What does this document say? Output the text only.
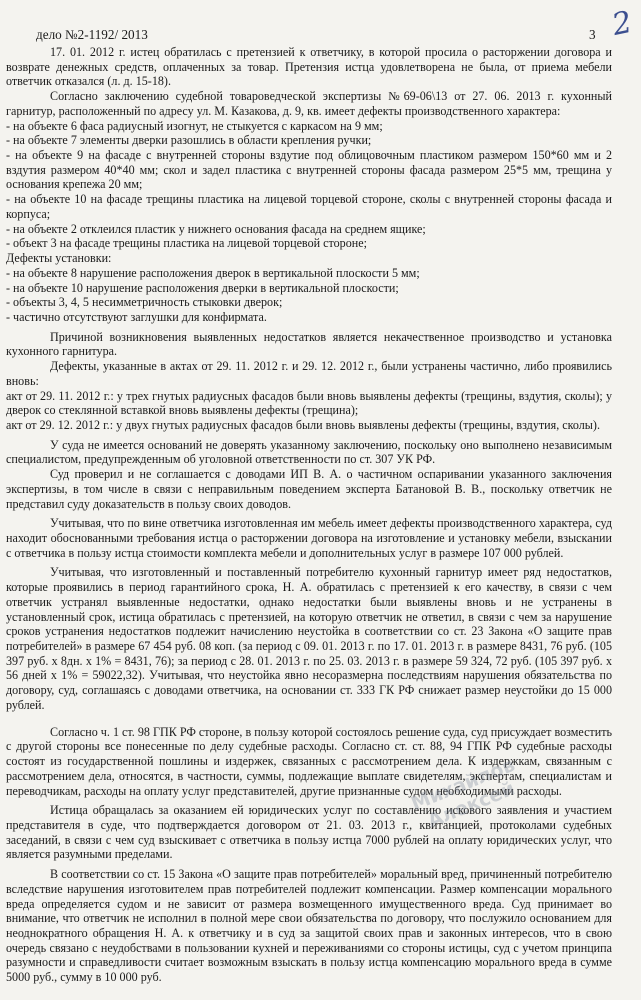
дело №2-1192/ 2013	3 2

17. 01. 2012 г. истец обратилась с претензией к ответчику, в которой просила о расторжении договора и возврате денежных средств, оплаченных за товар. Претензия истца удовлетворена не была, от приема мебели ответчик отказался (л. д. 15-18).

Согласно заключению судебной товароведческой экспертизы №69-06\13 от 27. 06. 2013 г. кухонный гарнитур, расположенный по адресу ул. М. Казакова, д. 9, кв. имеет дефекты производственного характера:

- на объекте 6 фаса радиусный изогнут, не стыкуется с каркасом на 9 мм;

- на объекте 7 элементы дверки разошлись в области крепления ручки;

- на объекте 9 на фасаде с внутренней стороны вздутие под облицовочным пластиком размером 150*60 мм и 2 вздутия размером 40*40 мм; скол и задел пластика с внутренней стороны фасада размером 25*5 мм, трещина у основания крепежа 20 мм;

- на объекте 10 на фасаде трещины пластика на лицевой торцевой стороне, сколы с внутренней стороны фасада и корпуса;

- на объекте 2 отклеился пластик у нижнего основания фасада на среднем ящике;

- объект 3 на фасаде трещины пластика на лицевой торцевой стороне;

Дефекты установки:

- на объекте 8 нарушение расположения дверок в вертикальной плоскости 5 мм;

- на объекте 10 нарушение расположения дверки в вертикальной плоскости;

- объекты 3, 4, 5 несимметричность стыковки дверок;

- частично отсутствуют заглушки для конфирмата.

Причиной возникновения выявленных недостатков является некачественное производство и установка кухонного гарнитура.

Дефекты, указанные в актах от 29. 11. 2012 г. и 29. 12. 2012 г., были устранены частично, либо проявились вновь:

акт от 29. 11. 2012 г.: у трех гнутых радиусных фасадов были вновь выявлены дефекты (трещины, вздутия, сколы); у дверок со стеклянной вставкой вновь выявлены дефекты (трещина);

акт от 29. 12. 2012 г.: у двух гнутых радиусных фасадов были вновь выявлены дефекты (трещины, вздутия, сколы).

У суда не имеется оснований не доверять указанному заключению, поскольку оно выполнено независимым специалистом, предупрежденным об уголовной ответственности по ст. 307 УК РФ.

Суд проверил и не соглашается с доводами ИП В. А. о частичном оспаривании указанного заключения экспертизы, в том числе в связи с неправильным поведением эксперта Батановой В. В., поскольку ответчик не представил суду доказательств в пользу своих доводов.

Учитывая, что по вине ответчика изготовленная им мебель имеет дефекты производственного характера, суд находит обоснованными требования истца о расторжении договора на изготовление и установку мебели, взыскании с ответчика в пользу истца стоимости комплекта мебели и дополнительных услуг в размере 107 000 рублей.

Учитывая, что изготовленный и поставленный потребителю кухонный гарнитур имеет ряд недостатков, которые проявились в период гарантийного срока, Н. А. обратилась с претензией к его качеству, в связи с чем ответчик устранял выявленные недостатки, однако недостатки были выявлены вновь и не устранены в установленный срок, истица обратилась с претензией, на которую ответчик не ответил, в связи с чем за нарушение сроков устранения недостатков подлежит начислению неустойка в соответствии со ст. 23 Закона «О защите прав потребителей» в размере 67 454 руб. 08 коп. (за период с 09. 01. 2013 г. по 17. 01. 2013 г. в размере 8431, 76 руб. (105 397 руб. х 8дн. х 1% = 8431, 76); за период с 28. 01. 2013 г. по 25. 03. 2013 г. в размере 59 324, 72 руб. (105 397 руб. х 56 дней х 1% = 59022,32). Учитывая, что неустойка явно несоразмерна последствиям нарушения обязательства по договору, суд, соглашаясь с доводами ответчика, на основании ст. 333 ГК РФ снижает размер неустойки до 15 000 рублей.

Согласно ч. 1 ст. 98 ГПК РФ стороне, в пользу которой состоялось решение суда, суд присуждает возместить с другой стороны все понесенные по делу судебные расходы. Согласно ст. ст. 88, 94 ГПК РФ судебные расходы состоят из государственной пошлины и издержек, связанных с рассмотрением дела. К издержкам, связанным с рассмотрением дела, относятся, в частности, суммы, подлежащие выплате свидетелям, экспертам, специалистам и переводчикам, расходы на оплату услуг представителей, другие признанные судом необходимыми расходы.

Истица обращалась за оказанием ей юридических услуг по составлению искового заявления и участием представителя в суде, что подтверждается договором от 21. 03. 2013 г., квитанцией, протоколами судебных заседаний, в связи с чем суд взыскивает с ответчика в пользу истца 7000 рублей на оплату юридических услуг, что является разумными пределами.

В соответствии со ст. 15 Закона «О защите прав потребителей» моральный вред, причиненный потребителю вследствие нарушения изготовителем прав потребителей подлежит компенсации. Размер компенсации морального вреда определяется судом и не зависит от размера возмещенного имущественного вреда. Суд принимает во внимание, что ответчик не исполнил в полной мере свои обязательства по договору, что послужило основанием для неоднократного обращения Н. А. к ответчику и в суд за защитой своих прав и законных интересов, что в свою очередь связано с неудобствами в пользовании кухней и переживаниями со стороны истицы, суд с учетом принципа разумности и справедливости считает возможным взыскать в пользу истца компенсацию морального вреда в сумме 5000 руб., сумму в 10 000 руб.

Михайлов Алексей
